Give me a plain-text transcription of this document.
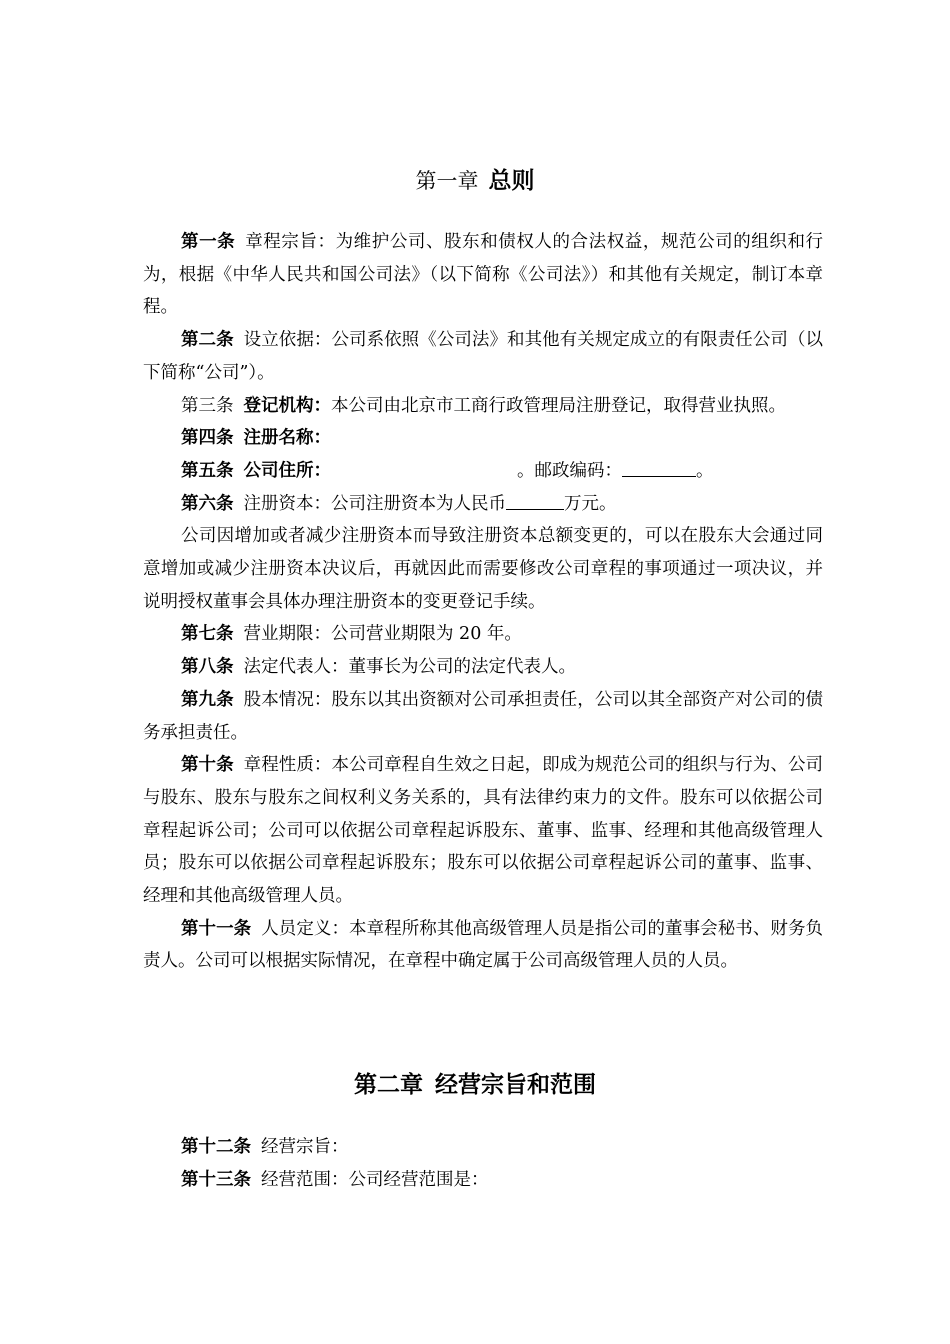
第一章 总则

第一条 章程宗旨：为维护公司、股东和债权人的合法权益，规范公司的组织和行为，根据《中华人民共和国公司法》（以下简称《公司法》）和其他有关规定，制订本章程。

第二条 设立依据：公司系依照《公司法》和其他有关规定成立的有限责任公司（以下简称“公司”）。

第三条 登记机构：本公司由北京市工商行政管理局注册登记，取得营业执照。

第四条 注册名称：

第五条 公司住所：	。邮政编码：	。

第六条 注册资本：公司注册资本为人民币	万元。

公司因增加或者减少注册资本而导致注册资本总额变更的，可以在股东大会通过同意增加或减少注册资本决议后，再就因此而需要修改公司章程的事项通过一项决议，并说明授权董事会具体办理注册资本的变更登记手续。

第七条 营业期限：公司营业期限为 20 年。

第八条 法定代表人：董事长为公司的法定代表人。

第九条 股本情况：股东以其出资额对公司承担责任，公司以其全部资产对公司的债务承担责任。

第十条 章程性质：本公司章程自生效之日起，即成为规范公司的组织与行为、公司与股东、股东与股东之间权利义务关系的，具有法律约束力的文件。股东可以依据公司章程起诉公司；公司可以依据公司章程起诉股东、董事、监事、经理和其他高级管理人员；股东可以依据公司章程起诉股东；股东可以依据公司章程起诉公司的董事、监事、经理和其他高级管理人员。

第十一条 人员定义：本章程所称其他高级管理人员是指公司的董事会秘书、财务负责人。公司可以根据实际情况，在章程中确定属于公司高级管理人员的人员。

第二章 经营宗旨和范围

第十二条 经营宗旨：

第十三条 经营范围：公司经营范围是：
